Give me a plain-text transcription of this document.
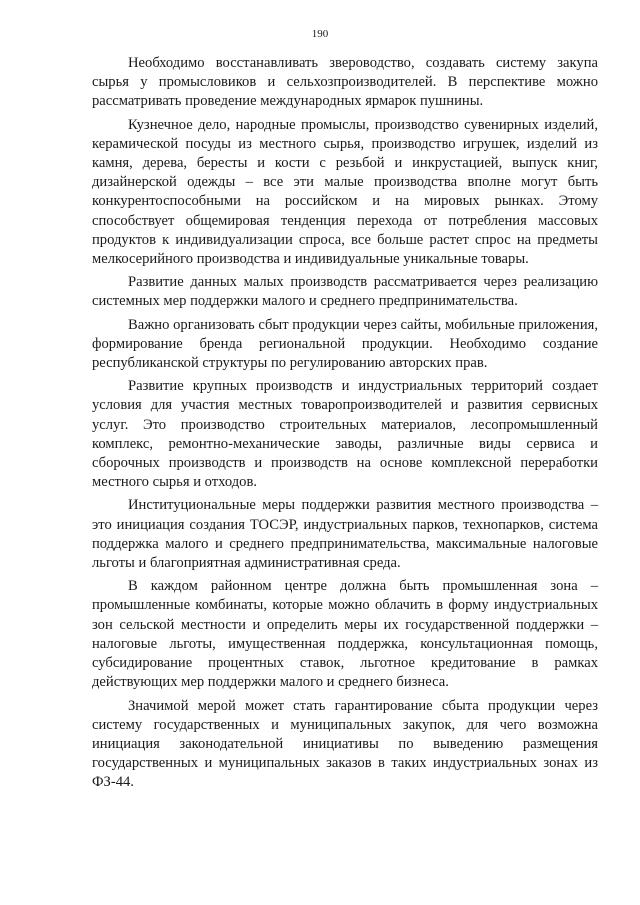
190

Необходимо восстанавливать звероводство, создавать систему закупа сырья у промысловиков и сельхозпроизводителей. В перспективе можно рассматривать проведение международных ярмарок пушнины.

Кузнечное дело, народные промыслы, производство сувенирных изделий, керамической посуды из местного сырья, производство игрушек, изделий из камня, дерева, бересты и кости с резьбой и инкрустацией, выпуск книг, дизайнерской одежды – все эти малые производства вполне могут быть конкурентоспособными на российском и на мировых рынках. Этому способствует общемировая тенденция перехода от потребления массовых продуктов к индивидуализации спроса, все больше растет спрос на предметы мелкосерийного производства и индивидуальные уникальные товары.

Развитие данных малых производств рассматривается через реализацию системных мер поддержки малого и среднего предпринимательства.

Важно организовать сбыт продукции через сайты, мобильные приложения, формирование бренда региональной продукции. Необходимо создание республиканской структуры по регулированию авторских прав.

Развитие крупных производств и индустриальных территорий создает условия для участия местных товаропроизводителей и развития сервисных услуг. Это производство строительных материалов, лесопромышленный комплекс, ремонтно-механические заводы, различные виды сервиса и сборочных производств и производств на основе комплексной переработки местного сырья и отходов.

Институциональные меры поддержки развития местного производства – это инициация создания ТОСЭР, индустриальных парков, технопарков, система поддержка малого и среднего предпринимательства, максимальные налоговые льготы и благоприятная административная среда.

В каждом районном центре должна быть промышленная зона – промышленные комбинаты, которые можно облачить в форму индустриальных зон сельской местности и определить меры их государственной поддержки – налоговые льготы, имущественная поддержка, консультационная помощь, субсидирование процентных ставок, льготное кредитование в рамках действующих мер поддержки малого и среднего бизнеса.

Значимой мерой может стать гарантирование сбыта продукции через систему государственных и муниципальных закупок, для чего возможна инициация законодательной инициативы по выведению размещения государственных и муниципальных заказов в таких индустриальных зонах из ФЗ-44.
